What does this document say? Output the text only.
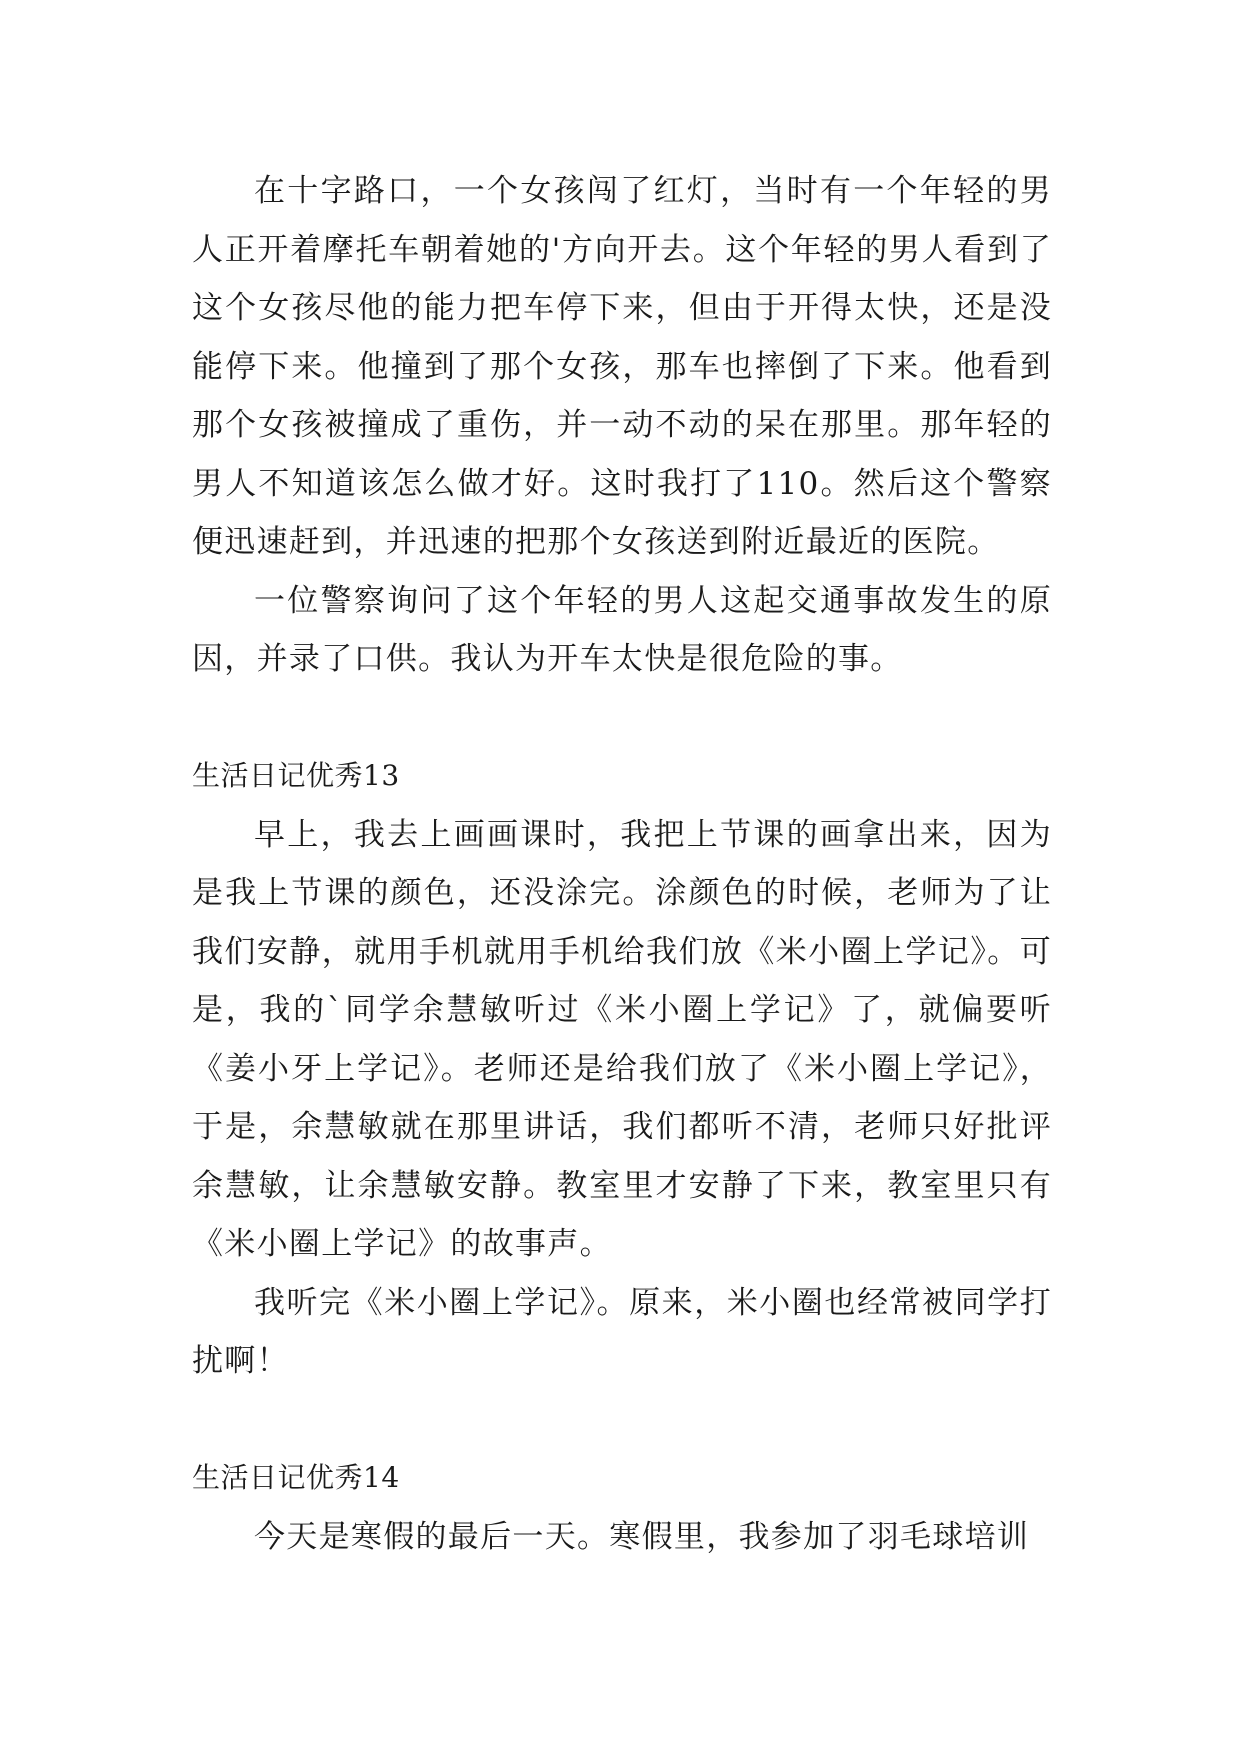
在十字路口，一个女孩闯了红灯，当时有一个年轻的男人正开着摩托车朝着她的'方向开去。这个年轻的男人看到了这个女孩尽他的能力把车停下来，但由于开得太快，还是没能停下来。他撞到了那个女孩，那车也摔倒了下来。他看到那个女孩被撞成了重伤，并一动不动的呆在那里。那年轻的男人不知道该怎么做才好。这时我打了110。然后这个警察便迅速赶到，并迅速的把那个女孩送到附近最近的医院。

一位警察询问了这个年轻的男人这起交通事故发生的原因，并录了口供。我认为开车太快是很危险的事。

生活日记优秀13

早上，我去上画画课时，我把上节课的画拿出来，因为是我上节课的颜色，还没涂完。涂颜色的时候，老师为了让我们安静，就用手机就用手机给我们放《米小圈上学记》。可是，我的`同学余慧敏听过《米小圈上学记》了，就偏要听《姜小牙上学记》。老师还是给我们放了《米小圈上学记》，于是，余慧敏就在那里讲话，我们都听不清，老师只好批评余慧敏，让余慧敏安静。教室里才安静了下来，教室里只有《米小圈上学记》的故事声。

我听完《米小圈上学记》。原来，米小圈也经常被同学打扰啊！

生活日记优秀14

今天是寒假的最后一天。寒假里，我参加了羽毛球培训
